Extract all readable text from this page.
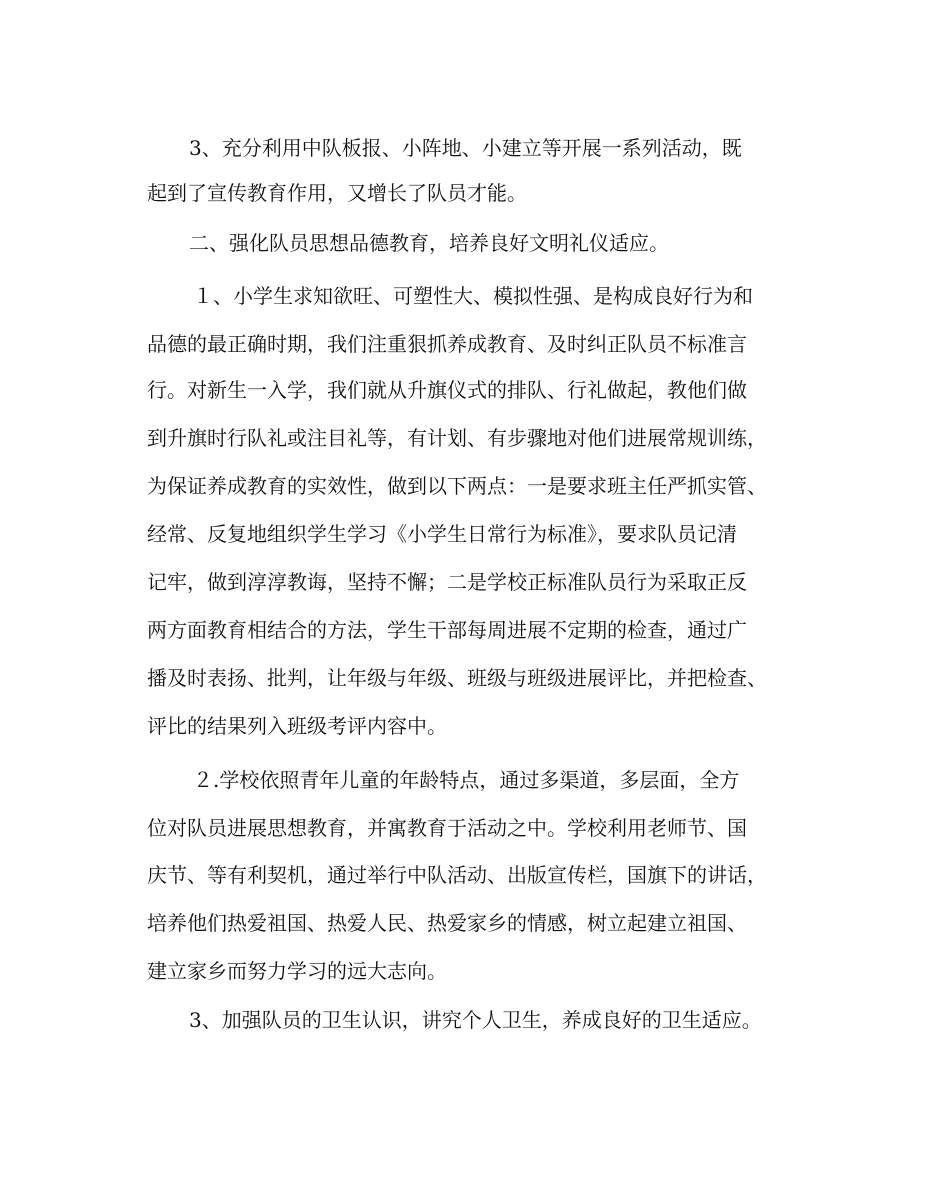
3、充分利用中队板报、小阵地、小建立等开展一系列活动，既
起到了宣传教育作用，又增长了队员才能。
二、强化队员思想品德教育，培养良好文明礼仪适应。
１、小学生求知欲旺、可塑性大、模拟性强、是构成良好行为和
品德的最正确时期，我们注重狠抓养成教育、及时纠正队员不标准言
行。对新生一入学，我们就从升旗仪式的排队、行礼做起，教他们做
到升旗时行队礼或注目礼等，有计划、有步骤地对他们进展常规训练，
为保证养成教育的实效性，做到以下两点：一是要求班主任严抓实管、
经常、反复地组织学生学习《小学生日常行为标准》，要求队员记清
记牢，做到淳淳教诲，坚持不懈；二是学校正标准队员行为采取正反
两方面教育相结合的方法，学生干部每周进展不定期的检查，通过广
播及时表扬、批判，让年级与年级、班级与班级进展评比，并把检查、
评比的结果列入班级考评内容中。
２.学校依照青年儿童的年龄特点，通过多渠道，多层面，全方
位对队员进展思想教育，并寓教育于活动之中。学校利用老师节、国
庆节、等有利契机，通过举行中队活动、出版宣传栏，国旗下的讲话，
培养他们热爱祖国、热爱人民、热爱家乡的情感，树立起建立祖国、
建立家乡而努力学习的远大志向。
3、加强队员的卫生认识，讲究个人卫生，养成良好的卫生适应。
